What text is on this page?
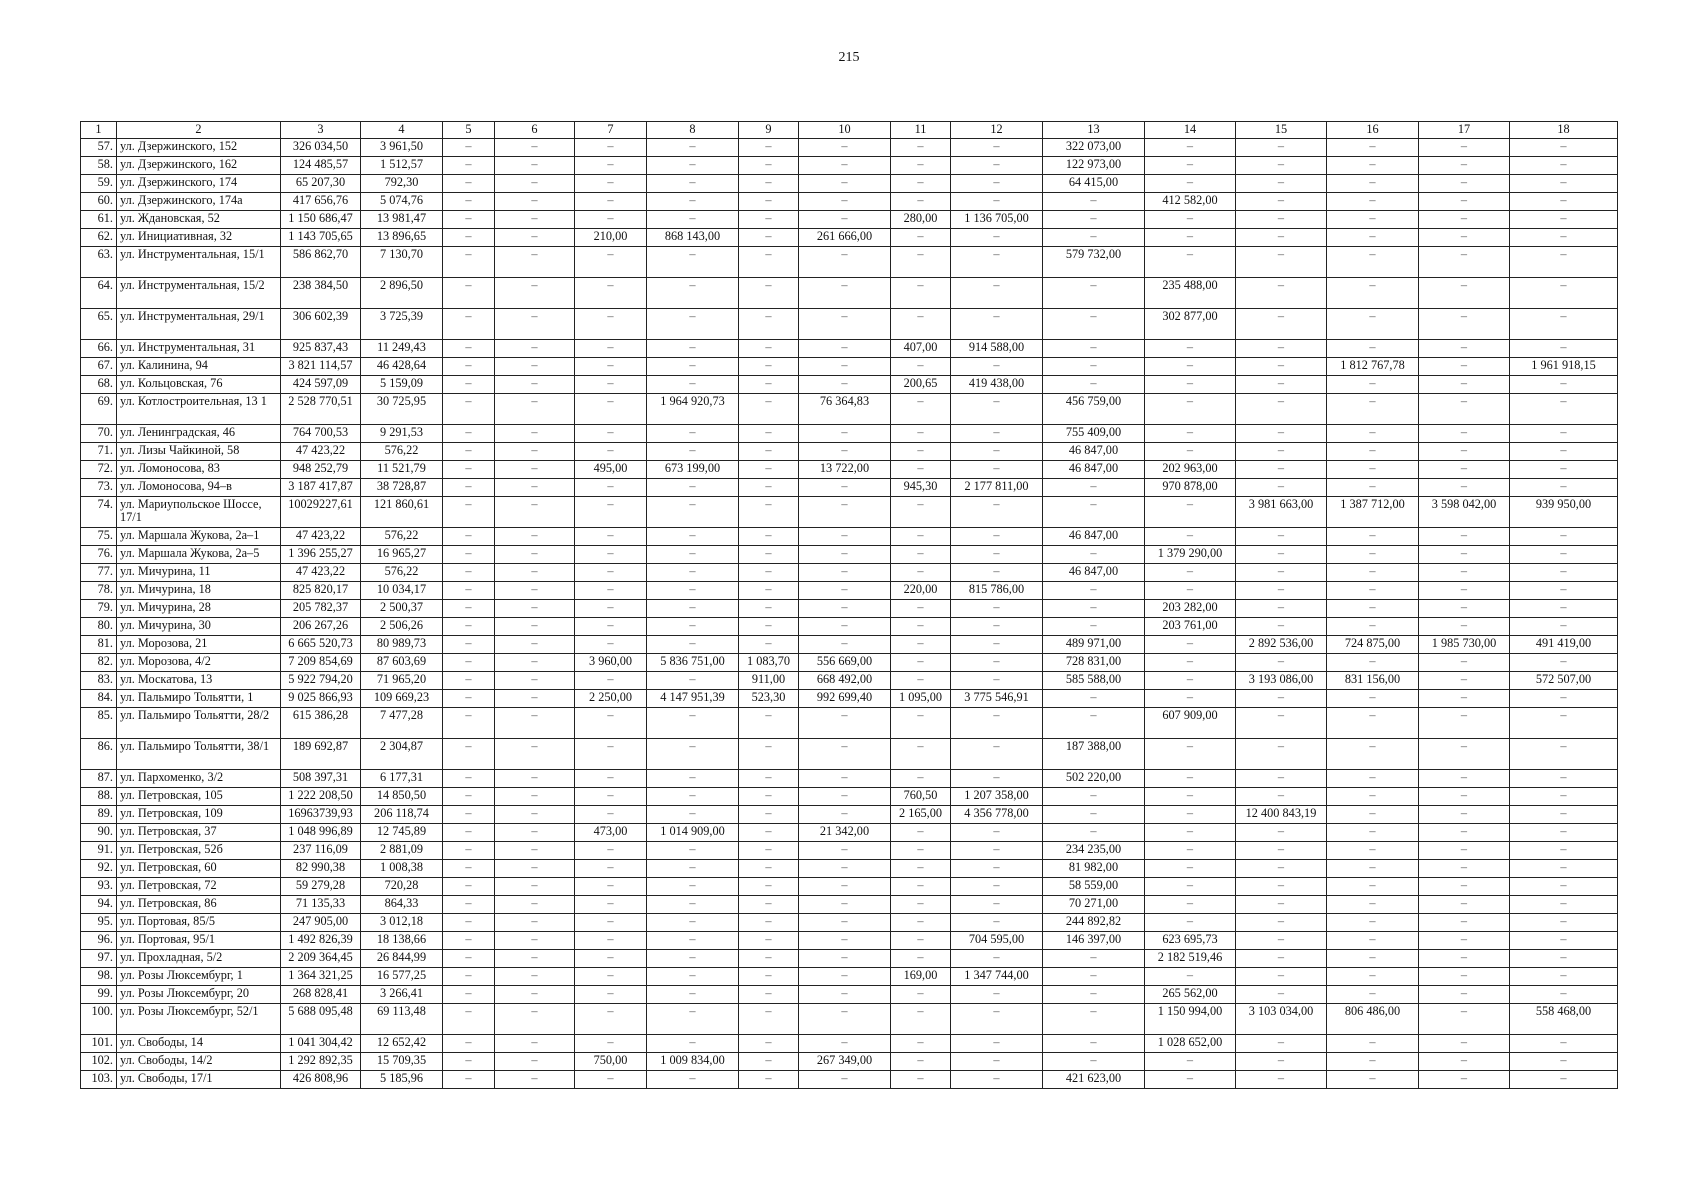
215
1	2	3	4	5	6	7	8	9	10	11	12	13	14	15	16	17	18
57.	ул. Дзержинского, 152	326 034,50	3 961,50	–	–	–	–	–	–	–	–	322 073,00	–	–	–	–	–
58.	ул. Дзержинского, 162	124 485,57	1 512,57	–	–	–	–	–	–	–	–	122 973,00	–	–	–	–	–
59.	ул. Дзержинского, 174	65 207,30	792,30	–	–	–	–	–	–	–	–	64 415,00	–	–	–	–	–
60.	ул. Дзержинского, 174а	417 656,76	5 074,76	–	–	–	–	–	–	–	–	–	412 582,00	–	–	–	–
61.	ул. Ждановская, 52	1 150 686,47	13 981,47	–	–	–	–	–	–	280,00	1 136 705,00	–	–	–	–	–	–
62.	ул. Инициативная, 32	1 143 705,65	13 896,65	–	–	210,00	868 143,00	–	261 666,00	–	–	–	–	–	–	–	–
63.	ул. Инструментальная, 15/1	586 862,70	7 130,70	–	–	–	–	–	–	–	–	579 732,00	–	–	–	–	–
64.	ул. Инструментальная, 15/2	238 384,50	2 896,50	–	–	–	–	–	–	–	–	–	235 488,00	–	–	–	–
65.	ул. Инструментальная, 29/1	306 602,39	3 725,39	–	–	–	–	–	–	–	–	–	302 877,00	–	–	–	–
66.	ул. Инструментальная, 31	925 837,43	11 249,43	–	–	–	–	–	–	407,00	914 588,00	–	–	–	–	–	–
67.	ул. Калинина, 94	3 821 114,57	46 428,64	–	–	–	–	–	–	–	–	–	–	–	1 812 767,78	–	1 961 918,15
68.	ул. Кольцовская, 76	424 597,09	5 159,09	–	–	–	–	–	–	200,65	419 438,00	–	–	–	–	–	–
69.	ул. Котлостроительная, 13 1	2 528 770,51	30 725,95	–	–	–	1 964 920,73	–	76 364,83	–	–	456 759,00	–	–	–	–	–
70.	ул. Ленинградская, 46	764 700,53	9 291,53	–	–	–	–	–	–	–	–	755 409,00	–	–	–	–	–
71.	ул. Лизы Чайкиной, 58	47 423,22	576,22	–	–	–	–	–	–	–	–	46 847,00	–	–	–	–	–
72.	ул. Ломоносова, 83	948 252,79	11 521,79	–	–	495,00	673 199,00	–	13 722,00	–	–	46 847,00	202 963,00	–	–	–	–
73.	ул. Ломоносова, 94–в	3 187 417,87	38 728,87	–	–	–	–	–	–	945,30	2 177 811,00	–	970 878,00	–	–	–	–
74.	ул. Мариупольское Шоссе, 17/1	10029227,61	121 860,61	–	–	–	–	–	–	–	–	–	–	3 981 663,00	1 387 712,00	3 598 042,00	939 950,00
75.	ул. Маршала Жукова, 2а–1	47 423,22	576,22	–	–	–	–	–	–	–	–	46 847,00	–	–	–	–	–
76.	ул. Маршала Жукова, 2а–5	1 396 255,27	16 965,27	–	–	–	–	–	–	–	–	–	1 379 290,00	–	–	–	–
77.	ул. Мичурина, 11	47 423,22	576,22	–	–	–	–	–	–	–	–	46 847,00	–	–	–	–	–
78.	ул. Мичурина, 18	825 820,17	10 034,17	–	–	–	–	–	–	220,00	815 786,00	–	–	–	–	–	–
79.	ул. Мичурина, 28	205 782,37	2 500,37	–	–	–	–	–	–	–	–	–	203 282,00	–	–	–	–
80.	ул. Мичурина, 30	206 267,26	2 506,26	–	–	–	–	–	–	–	–	–	203 761,00	–	–	–	–
81.	ул. Морозова, 21	6 665 520,73	80 989,73	–	–	–	–	–	–	–	–	489 971,00	–	2 892 536,00	724 875,00	1 985 730,00	491 419,00
82.	ул. Морозова, 4/2	7 209 854,69	87 603,69	–	–	3 960,00	5 836 751,00	1 083,70	556 669,00	–	–	728 831,00	–	–	–	–	–
83.	ул. Москатова, 13	5 922 794,20	71 965,20	–	–	–	–	911,00	668 492,00	–	–	585 588,00	–	3 193 086,00	831 156,00	–	572 507,00
84.	ул. Пальмиро Тольятти, 1	9 025 866,93	109 669,23	–	–	2 250,00	4 147 951,39	523,30	992 699,40	1 095,00	3 775 546,91	–	–	–	–	–	–
85.	ул. Пальмиро Тольятти, 28/2	615 386,28	7 477,28	–	–	–	–	–	–	–	–	–	607 909,00	–	–	–	–
86.	ул. Пальмиро Тольятти, 38/1	189 692,87	2 304,87	–	–	–	–	–	–	–	–	187 388,00	–	–	–	–	–
87.	ул. Пархоменко, 3/2	508 397,31	6 177,31	–	–	–	–	–	–	–	–	502 220,00	–	–	–	–	–
88.	ул. Петровская, 105	1 222 208,50	14 850,50	–	–	–	–	–	–	760,50	1 207 358,00	–	–	–	–	–	–
89.	ул. Петровская, 109	16963739,93	206 118,74	–	–	–	–	–	–	2 165,00	4 356 778,00	–	–	12 400 843,19	–	–	–
90.	ул. Петровская, 37	1 048 996,89	12 745,89	–	–	473,00	1 014 909,00	–	21 342,00	–	–	–	–	–	–	–	–
91.	ул. Петровская, 52б	237 116,09	2 881,09	–	–	–	–	–	–	–	–	234 235,00	–	–	–	–	–
92.	ул. Петровская, 60	82 990,38	1 008,38	–	–	–	–	–	–	–	–	81 982,00	–	–	–	–	–
93.	ул. Петровская, 72	59 279,28	720,28	–	–	–	–	–	–	–	–	58 559,00	–	–	–	–	–
94.	ул. Петровская, 86	71 135,33	864,33	–	–	–	–	–	–	–	–	70 271,00	–	–	–	–	–
95.	ул. Портовая, 85/5	247 905,00	3 012,18	–	–	–	–	–	–	–	–	244 892,82	–	–	–	–	–
96.	ул. Портовая, 95/1	1 492 826,39	18 138,66	–	–	–	–	–	–	–	704 595,00	146 397,00	623 695,73	–	–	–	–
97.	ул. Прохладная, 5/2	2 209 364,45	26 844,99	–	–	–	–	–	–	–	–	–	2 182 519,46	–	–	–	–
98.	ул. Розы Люксембург, 1	1 364 321,25	16 577,25	–	–	–	–	–	–	169,00	1 347 744,00	–	–	–	–	–	–
99.	ул. Розы Люксембург, 20	268 828,41	3 266,41	–	–	–	–	–	–	–	–	–	265 562,00	–	–	–	–
100.	ул. Розы Люксембург, 52/1	5 688 095,48	69 113,48	–	–	–	–	–	–	–	–	–	1 150 994,00	3 103 034,00	806 486,00	–	558 468,00
101.	ул. Свободы, 14	1 041 304,42	12 652,42	–	–	–	–	–	–	–	–	–	1 028 652,00	–	–	–	–
102.	ул. Свободы, 14/2	1 292 892,35	15 709,35	–	–	750,00	1 009 834,00	–	267 349,00	–	–	–	–	–	–	–	–
103.	ул. Свободы, 17/1	426 808,96	5 185,96	–	–	–	–	–	–	–	–	421 623,00	–	–	–	–	–
